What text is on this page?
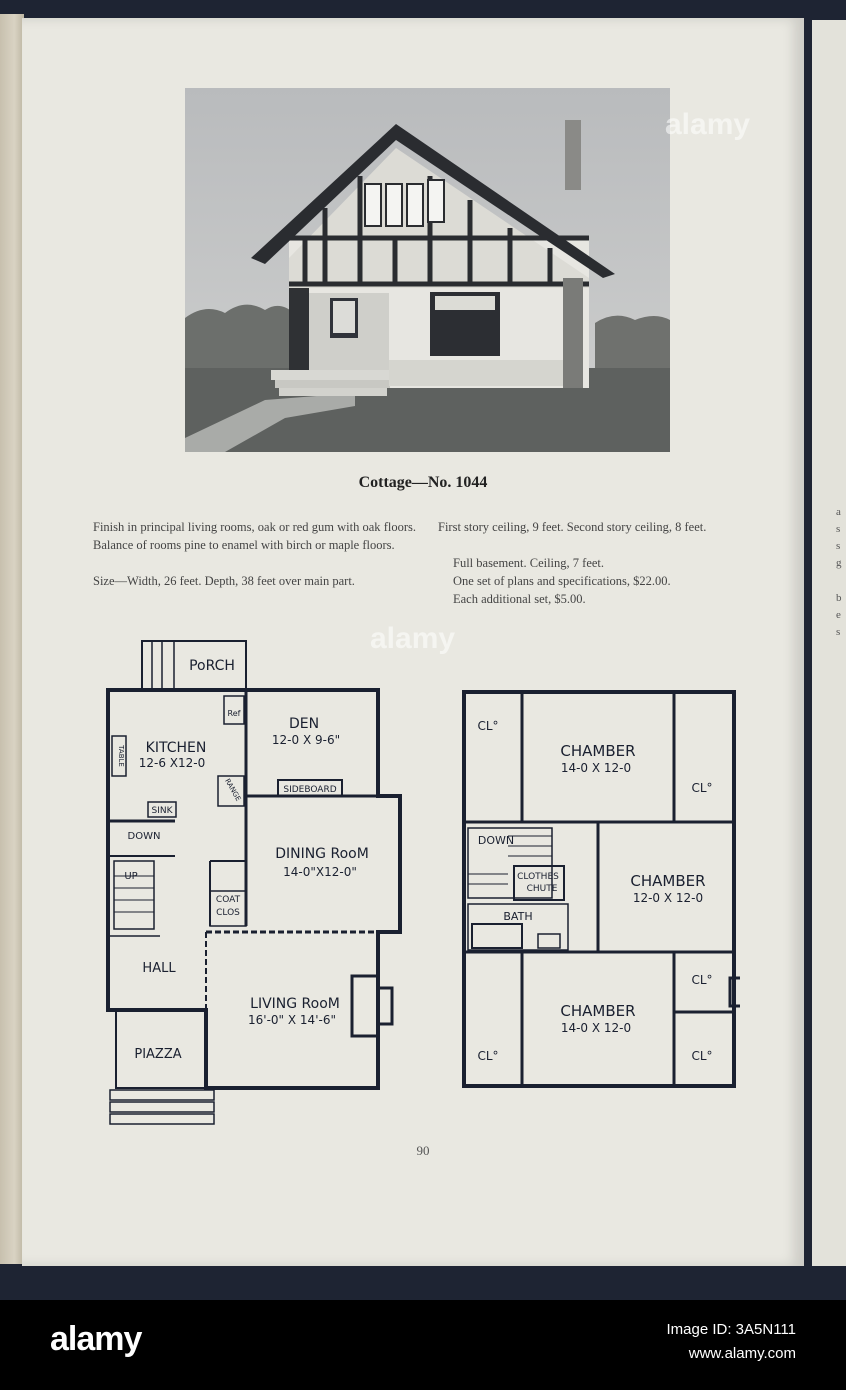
a
s
s
g
b
e
s
Cottage—No. 1044
Finish in principal living rooms, oak or red gum with oak floors. Balance of rooms pine to enamel with birch or maple floors.
Size—Width, 26 feet. Depth, 38 feet over main part.
First story ceiling, 9 feet. Second story ceiling, 8 feet.
Full basement. Ceiling, 7 feet.
One set of plans and specifications, $22.00.
Each additional set, $5.00.
PoRCH
Ref
KITCHEN
12-6 X12-0
TABLE
RANGE
SINK
DEN
12-0 X 9-6"
SIDEBOARD
DOWN
UP
DINING RooM
14-0"X12-0"
COAT
CLOS
HALL
LIVING RooM
16'-0" X 14'-6"
PIAZZA
CL°
CHAMBER
14-0 X 12-0
CL°
DOWN
CLOTHES
CHUTE
BATH
CHAMBER
12-0 X 12-0
CL°
CHAMBER
14-0 X 12-0
CL°	CL°
90
alamy
alamy
alamy	Image ID: 3A5N111
www.alamy.com
